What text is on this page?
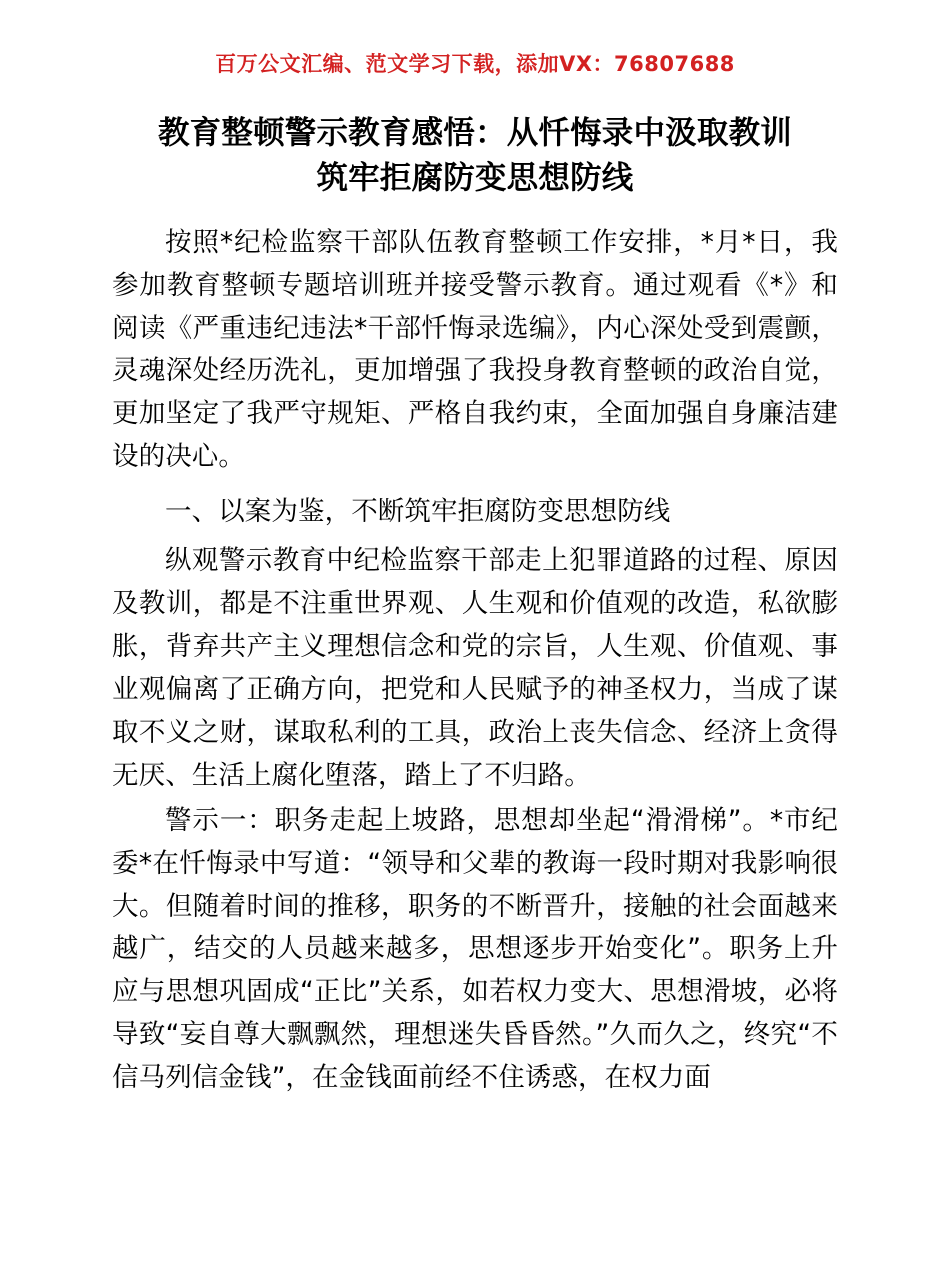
百万公文汇编、范文学习下载，添加VX：76807688
教育整顿警示教育感悟：从忏悔录中汲取教训
筑牢拒腐防变思想防线

按照*纪检监察干部队伍教育整顿工作安排，*月*日，我参加教育整顿专题培训班并接受警示教育。通过观看《*》和阅读《严重违纪违法*干部忏悔录选编》，内心深处受到震颤，灵魂深处经历洗礼，更加增强了我投身教育整顿的政治自觉，更加坚定了我严守规矩、严格自我约束，全面加强自身廉洁建设的决心。

一、以案为鉴，不断筑牢拒腐防变思想防线

纵观警示教育中纪检监察干部走上犯罪道路的过程、原因及教训，都是不注重世界观、人生观和价值观的改造，私欲膨胀，背弃共产主义理想信念和党的宗旨，人生观、价值观、事业观偏离了正确方向，把党和人民赋予的神圣权力，当成了谋取不义之财，谋取私利的工具，政治上丧失信念、经济上贪得无厌、生活上腐化堕落，踏上了不归路。

警示一：职务走起上坡路，思想却坐起“滑滑梯”。*市纪委*在忏悔录中写道：“领导和父辈的教诲一段时期对我影响很大。但随着时间的推移，职务的不断晋升，接触的社会面越来越广，结交的人员越来越多，思想逐步开始变化”。职务上升应与思想巩固成“正比”关系，如若权力变大、思想滑坡，必将导致“妄自尊大飘飘然，理想迷失昏昏然。”久而久之，终究“不信马列信金钱”，在金钱面前经不住诱惑，在权力面
